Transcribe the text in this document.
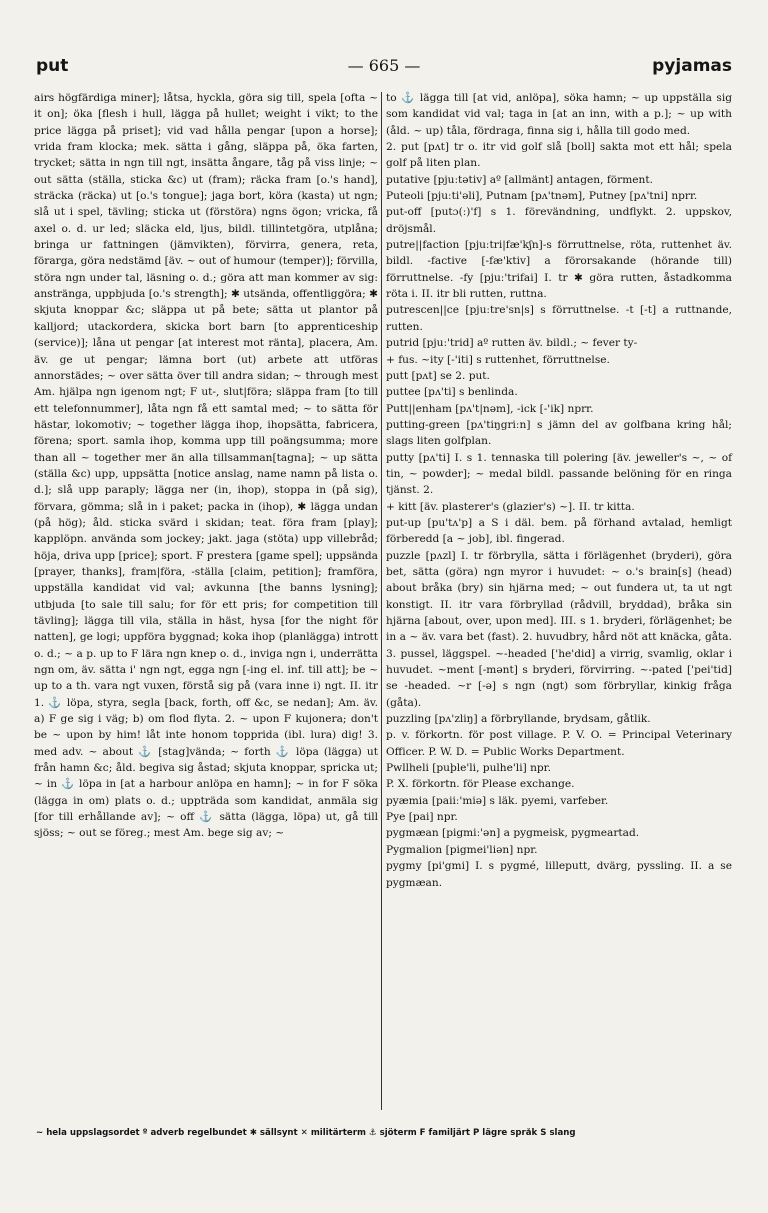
put	— 665 —	pyjamas

airs högfärdiga miner]; låtsa, hyckla, göra sig till, spela [ofta ~ it on]; öka [flesh i hull, lägga på hullet; weight i vikt; to the price lägga på priset]; vid vad hålla pengar [upon a horse]; vrida fram klocka; mek. sätta i gång, släppa på, öka farten, trycket; sätta in ngn till ngt, insätta ångare, tåg på viss linje; ~ out sätta (ställa, sticka &c) ut (fram); räcka fram [o.'s hand], sträcka (räcka) ut [o.'s tongue]; jaga bort, köra (kasta) ut ngn; slå ut i spel, tävling; sticka ut (förstöra) ngns ögon; vricka, få axel o. d. ur led; släcka eld, ljus, bildl. tillintetgöra, utplåna; bringa ur fattningen (jämvikten), förvirra, genera, reta, förarga, göra nedstämd [äv. ~ out of humour (temper)]; förvilla, störa ngn under tal, läsning o. d.; göra att man kommer av sig: anstränga, uppbjuda [o.'s strength]; ✱ utsända, offentliggöra; ✱ skjuta knoppar &c; släppa ut på bete; sätta ut plantor på kalljord; utackordera, skicka bort barn [to apprenticeship (service)]; låna ut pengar [at interest mot ränta], placera, Am. äv. ge ut pengar; lämna bort (ut) arbete att utföras annorstädes; ~ over sätta över till andra sidan; ~ through mest Am. hjälpa ngn igenom ngt; F ut-, slut|föra; släppa fram [to till ett telefonnummer], låta ngn få ett samtal med; ~ to sätta för hästar, lokomotiv; ~ together lägga ihop, ihopsätta, fabricera, förena; sport. samla ihop, komma upp till poängsumma; more than all ~ together mer än alla tillsamman[tagna]; ~ up sätta (ställa &c) upp, uppsätta [notice anslag, name namn på lista o. d.]; slå upp paraply; lägga ner (in, ihop), stoppa in (på sig), förvara, gömma; slå in i paket; packa in (ihop), ✱ lägga undan (på hög); åld. sticka svärd i skidan; teat. föra fram [play]; kapplöpn. använda som jockey; jakt. jaga (stöta) upp villebråd; höja, driva upp [price]; sport. F prestera [game spel]; uppsända [prayer, thanks], fram|föra, -ställa [claim, petition]; framföra, uppställa kandidat vid val; avkunna [the banns lysning]; utbjuda [to sale till salu; for för ett pris; for competition till tävling]; lägga till vila, ställa in häst, hysa [for the night för natten], ge logi; uppföra byggnad; koka ihop (planlägga) intrott o. d.; ~ a p. up to F lära ngn knep o. d., invigа ngn i, underrätta ngn om, äv. sätta i' ngn ngt, egga ngn [-ing el. inf. till att]; be ~ up to a th. vara ngt vuxen, förstå sig på (vara inne i) ngt. II. itr 1. ⚓ löpa, styra, segla [back, forth, off &c, se nedan]; Am. äv. a) F ge sig i väg; b) om flod flyta. 2. ~ upon F kujonera; don't be ~ upon by him! låt inte honom toppridа (ibl. lura) dig! 3. med adv. ~ about ⚓ [stag]vända; ~ forth ⚓ löpa (lägga) ut från hamn &c; åld. begiva sig åstad; skjuta knoppar, spricka ut; ~ in ⚓ löpa in [at a harbour anlöpa en hamn]; ~ in for F söka (lägga in om) plats o. d.; uppträda som kandidat, anmäla sig [for till erhållande av]; ~ off ⚓ sätta (lägga, löpa) ut, gå till sjöss; ~ out se föreg.; mest Am. bege sig av; ~

to ⚓ lägga till [at vid, anlöpa], söka hamn; ~ up uppställa sig som kandidat vid val; taga in [at an inn, with a p.]; ~ up with (åld. ~ up) tåla, fördraga, finna sig i, hålla till godo med.

2. put [pʌt] tr o. itr vid golf slå [boll] sakta mot ett hål; spela golf på liten plan.

putative [pjuːtətiv] aº [allmänt] antagen, förment.

Puteoli [pjuːti'əli], Putnam [pʌ'tnəm], Putney [pʌ'tni] nprr.

put-off [putɔ(ː)'f] s 1. förevändning, undflykt. 2. uppskov, dröjsmål.

putre||faction [pjuːtri|fæ'kʃn]-s förruttnelse, röta, ruttenhet äv. bildl. -factive [-fæ'ktiv] a förorsakande (hörande till) förruttnelse. -fy [pjuː'trifai] I. tr ✱ göra rutten, åstadkomma röta i. II. itr bli rutten, ruttna.

putrescen||ce [pjuːtre'sn|s] s förruttnelse. -t [-t] a ruttnande, rutten.

putrid [pjuː'trid] aº rutten äv. bildl.; ~ fever ty-

+ fus. ~ity [-'iti] s ruttenhet, förruttnelse.

putt [pʌt] se 2. put.

puttee [pʌ'ti] s benlinda.

Putt||enham [pʌ't|nəm], -ick [-'ik] nprr.

putting-green [pʌ'tiŋgriːn] s jämn del av golfbana kring hål; slags liten golfplan.

putty [pʌ'ti] I. s 1. tennaska till polering [äv. jeweller's ~, ~ of tin, ~ powder]; ~ medal bildl. passande belöning för en ringa tjänst. 2.

+ kitt [äv. plasterer's (glazier's) ~]. II. tr kitta.

put-up [pu'tʌ'p] a S i däl. bem. på förhand avtalad, hemligt förberedd [a ~ job], ibl. fingerad.

puzzle [pʌzl] I. tr förbrylla, sätta i förlägenhet (bryderi), göra bet, sätta (göra) ngn myror i huvudet: ~ o.'s brain[s] (head) about bråka (bry) sin hjärna med; ~ out fundera ut, ta ut ngt konstigt. II. itr vara förbryllad (rådvill, bryddad), bråka sin hjärna [about, over, upon med]. III. s 1. bryderi, förlägenhet; be in a ~ äv. vara bet (fast). 2. huvudbry, hård nöt att knäcka, gåta. 3. pussel, läggspel. ~-headed ['he'did] a virrig, svamlig, oklar i huvudet. ~ment [-mənt] s bryderi, förvirring. ~-pated ['pei'tid] se -headed. ~r [-ə] s ngn (ngt) som förbryllar, kinkig fråga (gåta).

puzzling [pʌ'zliŋ] a förbryllande, brydsam, gåtlik.

p. v. förkortn. för post village. P. V. O. = Principal Veterinary Officer. P. W. D. = Public Works Department.

Pwllheli [puþle'li, pulhe'li] npr.

P. X. förkortn. för Please exchange.

pyæmia [paiiː'miə] s läk. pyemi, varfeber.

Pye [pai] npr.

pygmæan [pigmiː'ən] a pygmeisk, pygmeartad.

Pygmalion [pigmei'liən] npr.

pygmy [pi'gmi] I. s pygmé, lilleputt, dvärg, pyssling. II. a se pygmæan.

~ hela uppslagsordet º adverb regelbundet ✱ sällsynt ✕ militärterm ⚓ sjöterm F familjärt P lägre språk S slang
